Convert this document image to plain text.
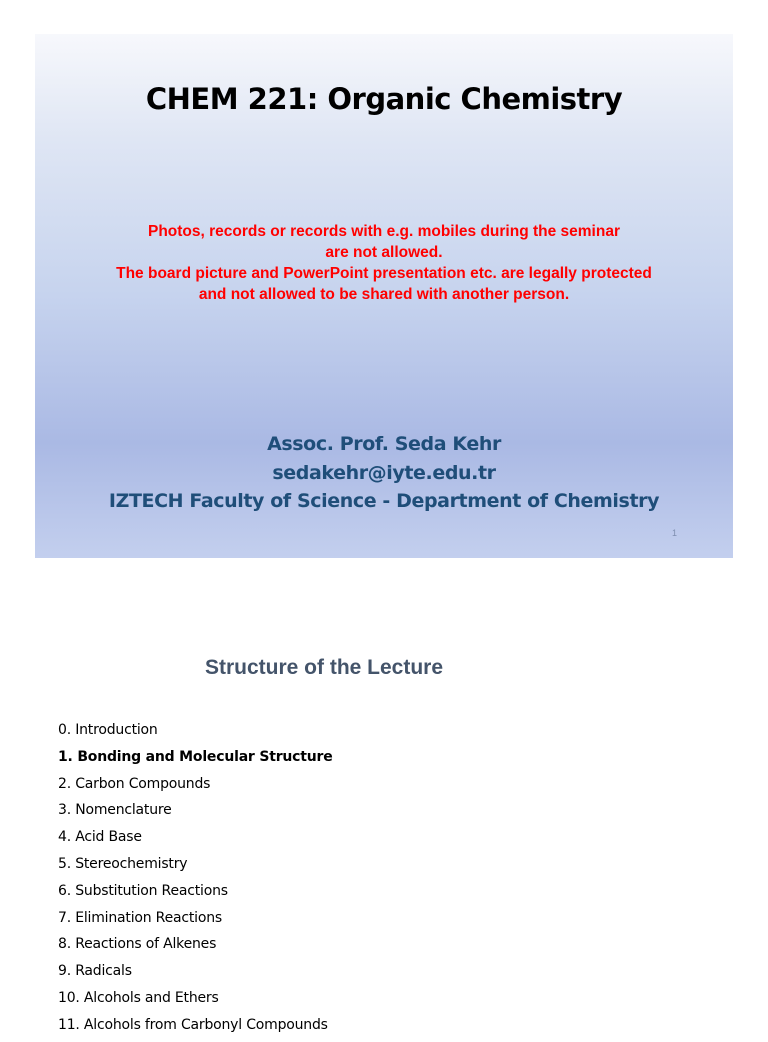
CHEM 221: Organic Chemistry
Photos, records or records with e.g. mobiles during the seminar
are not allowed.
The board picture and PowerPoint presentation etc. are legally protected
and not allowed to be shared with another person.
Assoc. Prof. Seda Kehr
sedakehr@iyte.edu.tr
IZTECH Faculty of Science - Department of Chemistry
1
Structure of the Lecture
0. Introduction
1. Bonding and Molecular Structure
2. Carbon Compounds
3. Nomenclature
4. Acid Base
5. Stereochemistry
6. Substitution Reactions
7. Elimination Reactions
8. Reactions of Alkenes
9. Radicals
10. Alcohols and Ethers
11. Alcohols from Carbonyl Compounds
